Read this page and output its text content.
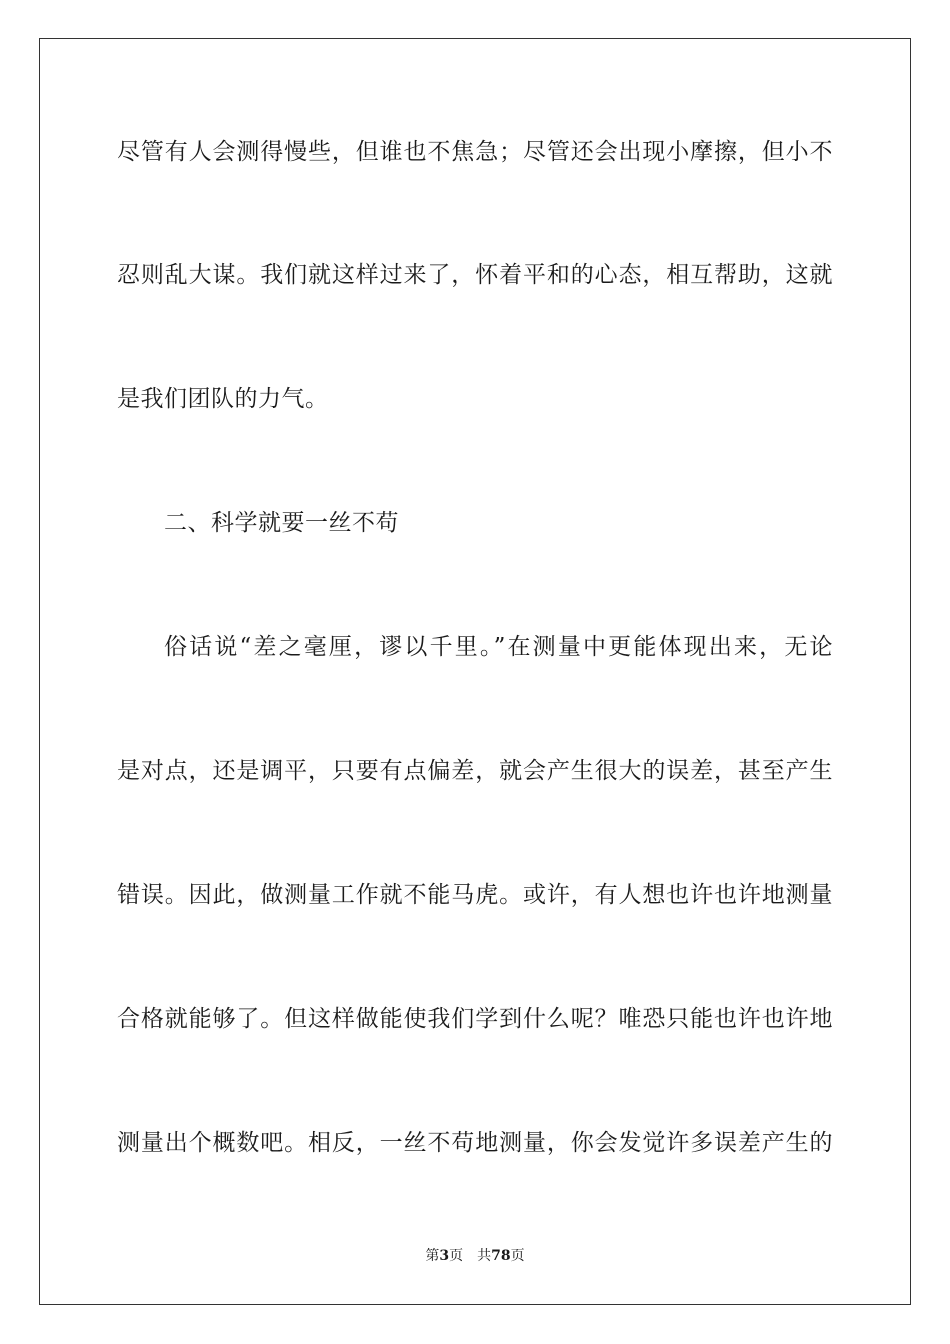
尽管有人会测得慢些，但谁也不焦急；尽管还会出现小摩擦，但小不
忍则乱大谋。我们就这样过来了，怀着平和的心态，相互帮助，这就
是我们团队的力气。
二、科学就要一丝不苟
俗话说“差之毫厘，谬以千里。”在测量中更能体现出来，无论
是对点，还是调平，只要有点偏差，就会产生很大的误差，甚至产生
错误。因此，做测量工作就不能马虎。或许，有人想也许也许地测量
合格就能够了。但这样做能使我们学到什么呢？唯恐只能也许也许地
测量出个概数吧。相反，一丝不苟地测量，你会发觉许多误差产生的
第3页 共78页
